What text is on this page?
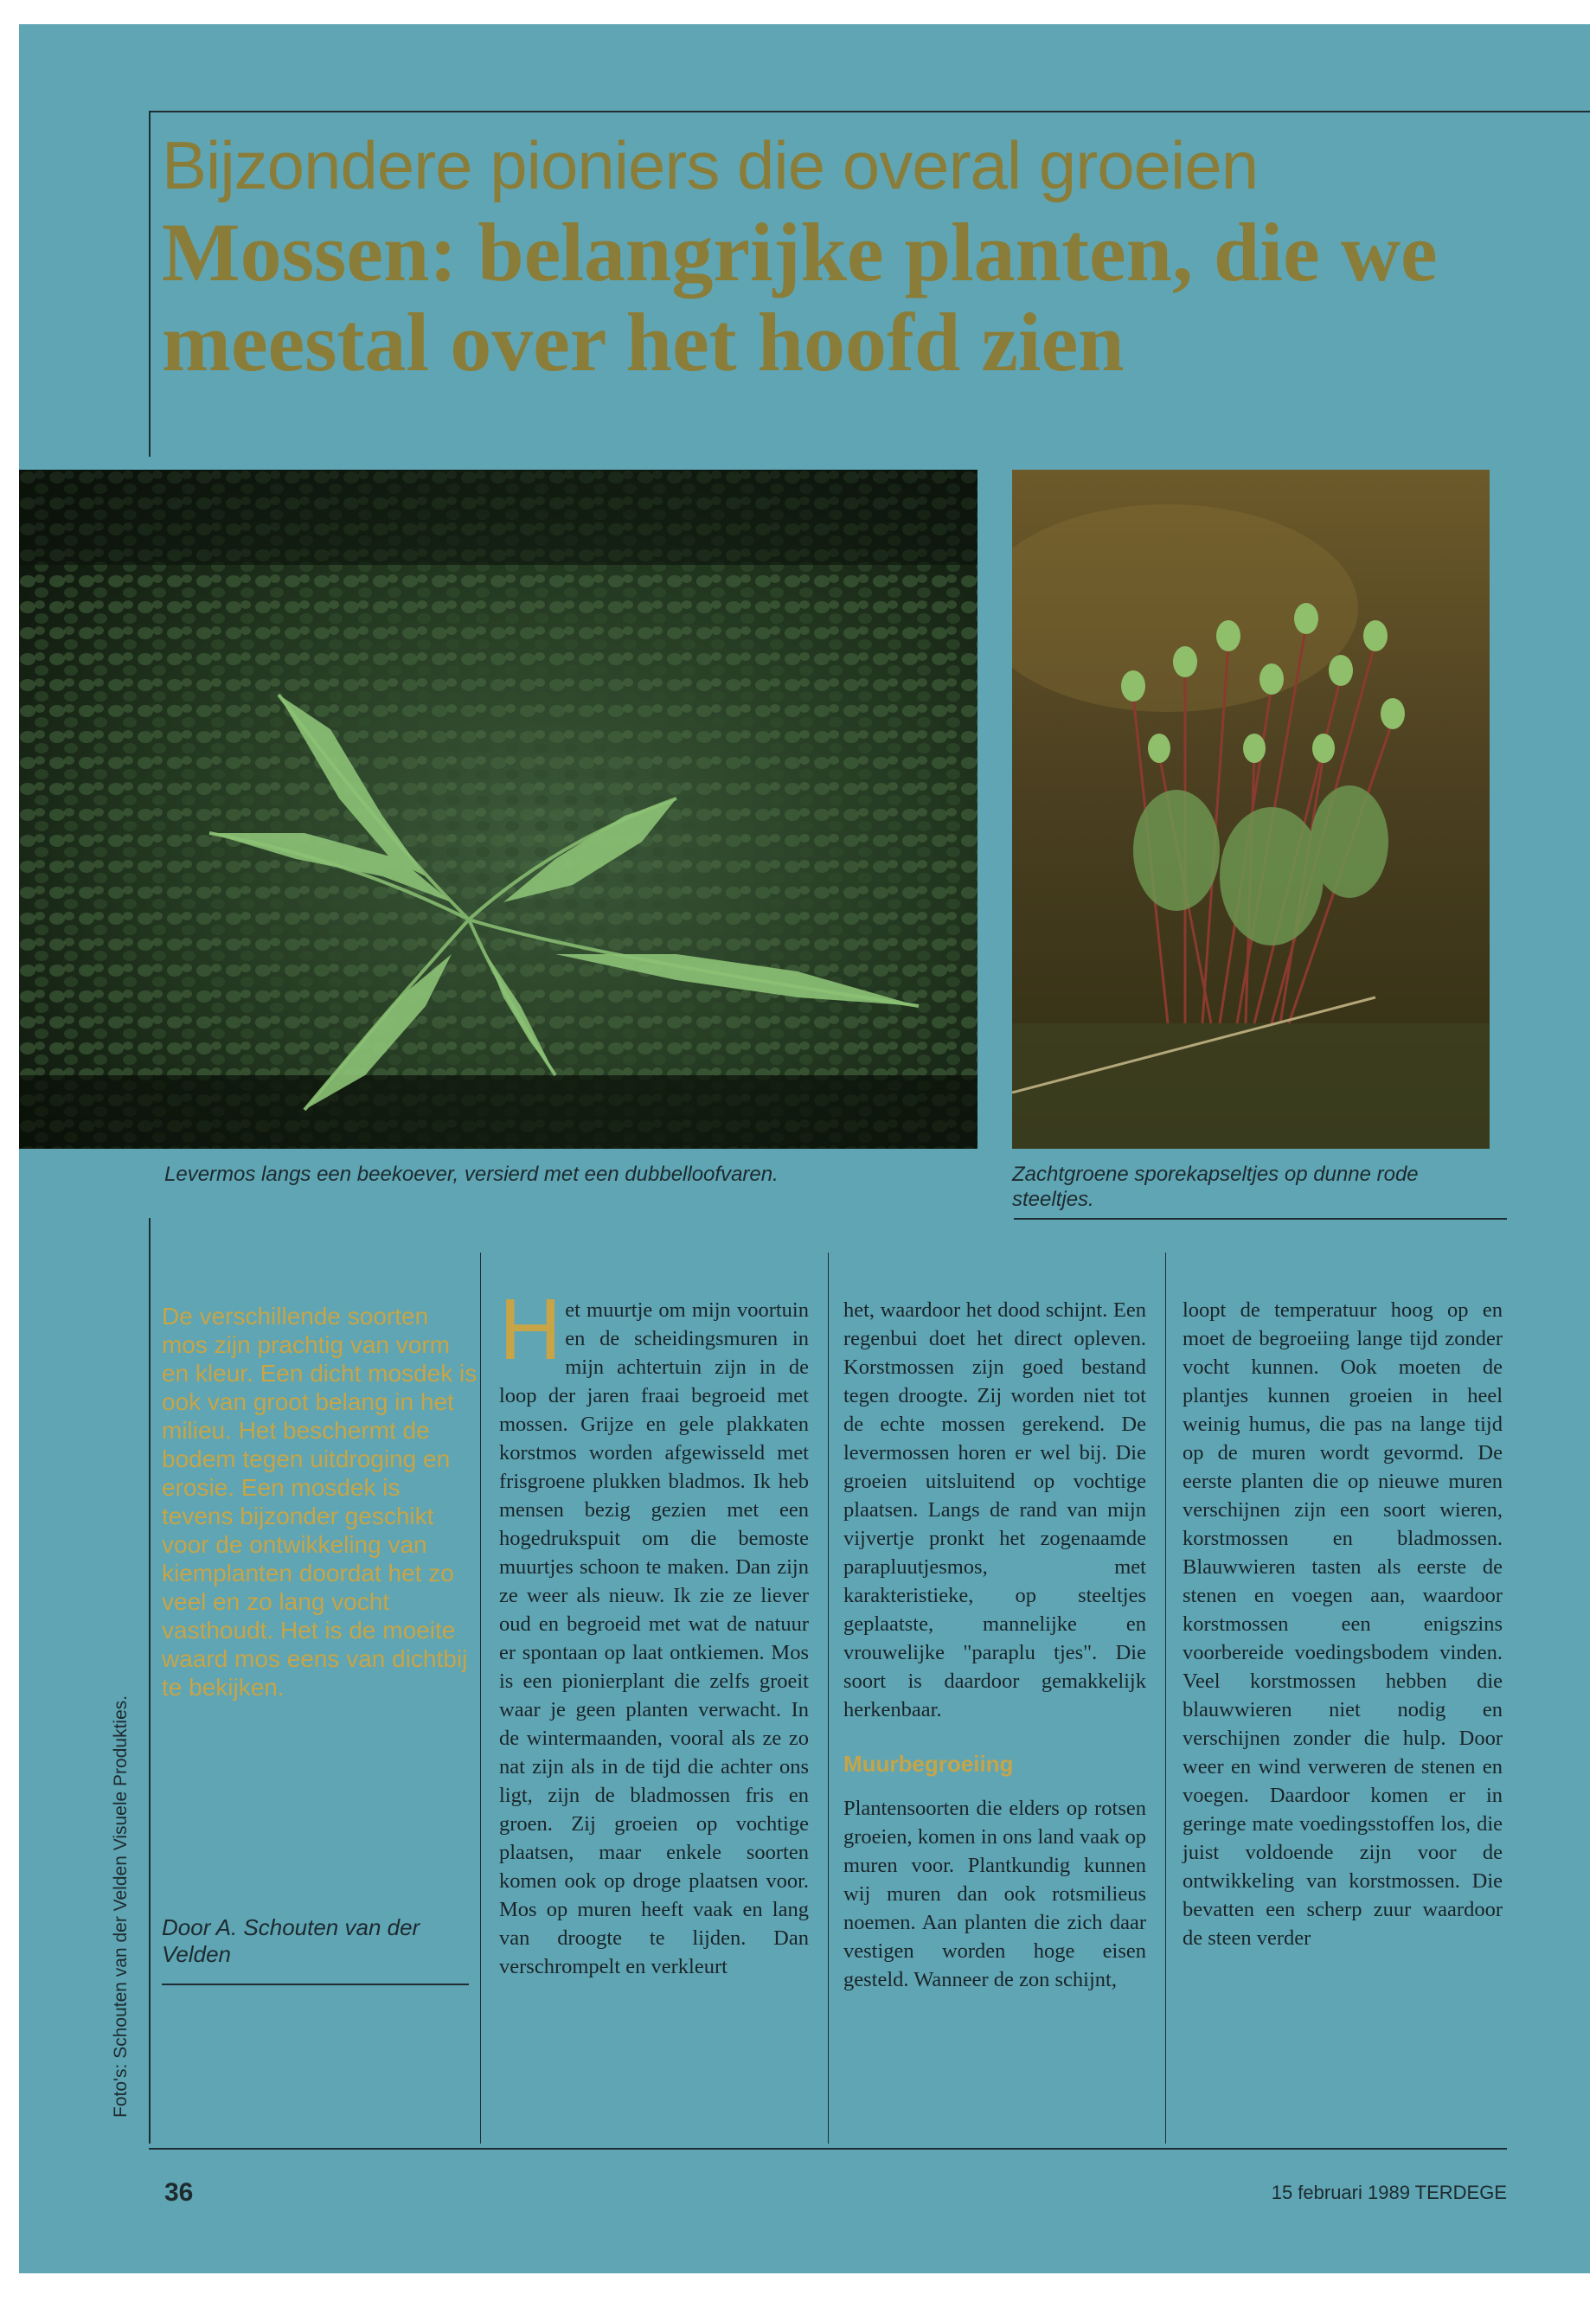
Bijzondere pioniers die overal groeien
Mossen: belangrijke planten, die we meestal over het hoofd zien
Levermos langs een beekoever, versierd met een dubbelloofvaren.	Zachtgroene sporekapseltjes op dunne rode steeltjes.
De verschillende soorten mos zijn prachtig van vorm en kleur. Een dicht mosdek is ook van groot belang in het milieu. Het beschermt de bodem tegen uitdroging en erosie. Een mosdek is tevens bijzonder geschikt voor de ontwikkeling van kiemplanten doordat het zo veel en zo lang vocht vasthoudt. Het is de moeite waard mos eens van dichtbij te bekijken.
Door A. Schouten van der Velden

Het muurtje om mijn voortuin en de scheidingsmuren in mijn achtertuin zijn in de loop der jaren fraai begroeid met mossen. Grijze en gele plakkaten korstmos worden afgewisseld met frisgroene plukken bladmos. Ik heb mensen bezig gezien met een hogedrukspuit om die bemoste muurtjes schoon te maken. Dan zijn ze weer als nieuw. Ik zie ze liever oud en begroeid met wat de natuur er spontaan op laat ontkiemen. Mos is een pionierplant die zelfs groeit waar je geen planten verwacht. In de wintermaanden, vooral als ze zo nat zijn als in de tijd die achter ons ligt, zijn de bladmossen fris en groen. Zij groeien op vochtige plaatsen, maar enkele soorten komen ook op droge plaatsen voor. Mos op muren heeft vaak en lang van droogte te lijden. Dan verschrompelt en verkleurt

het, waardoor het dood schijnt. Een regenbui doet het direct opleven. Korstmossen zijn goed bestand tegen droogte. Zij worden niet tot de echte mossen gerekend. De levermossen horen er wel bij. Die groeien uitsluitend op vochtige plaatsen. Langs de rand van mijn vijvertje pronkt het zogenaamde parapluutjesmos, met karakteristieke, op steeltjes geplaatste, mannelijke en vrouwelijke "paraplu tjes". Die soort is daardoor gemakkelijk herkenbaar.

Muurbegroeiing

Plantensoorten die elders op rotsen groeien, komen in ons land vaak op muren voor. Plantkundig kunnen wij muren dan ook rotsmilieus noemen. Aan planten die zich daar vestigen worden hoge eisen gesteld. Wanneer de zon schijnt,

loopt de temperatuur hoog op en moet de begroeiing lange tijd zonder vocht kunnen. Ook moeten de plantjes kunnen groeien in heel weinig humus, die pas na lange tijd op de muren wordt gevormd. De eerste planten die op nieuwe muren verschijnen zijn een soort wieren, korstmossen en bladmossen. Blauwwieren tasten als eerste de stenen en voegen aan, waardoor korstmossen een enigszins voorbereide voedingsbodem vinden. Veel korstmossen hebben die blauwwieren niet nodig en verschijnen zonder die hulp. Door weer en wind verweren de stenen en voegen. Daardoor komen er in geringe mate voedingsstoffen los, die juist voldoende zijn voor de ontwikkeling van korstmossen. Die bevatten een scherp zuur waardoor de steen verder

Foto's: Schouten van der Velden Visuele Produkties.
36	15 februari 1989 TERDEGE
